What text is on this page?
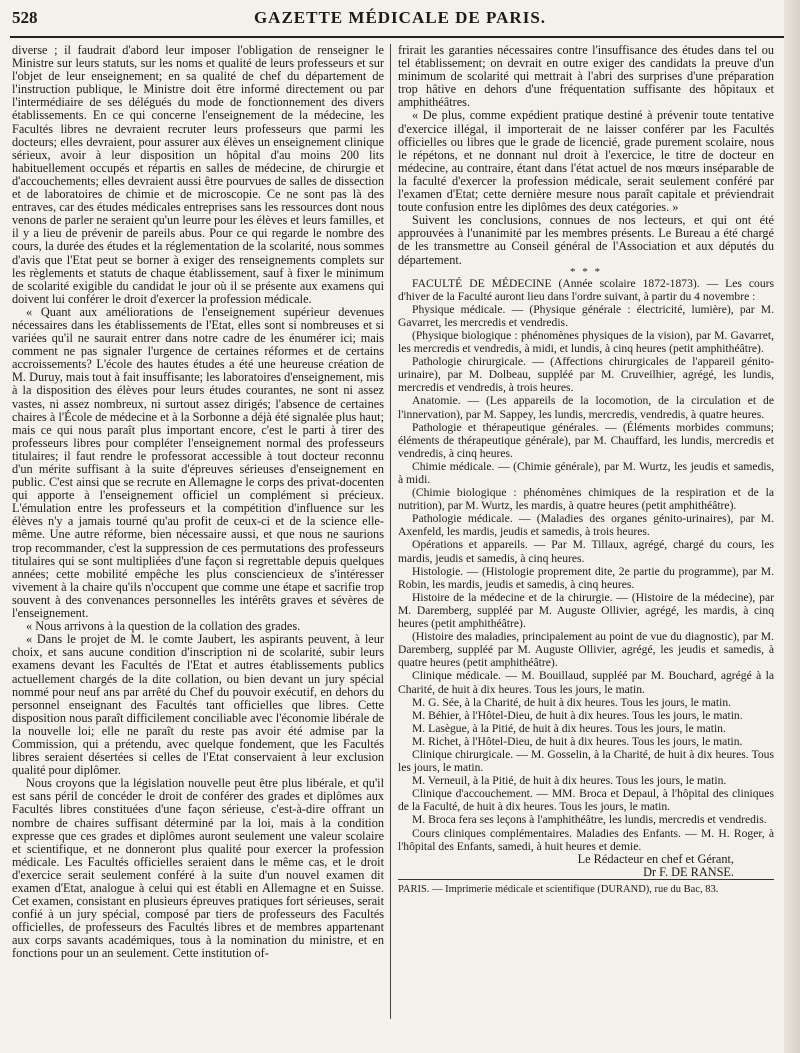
528	GAZETTE MÉDICALE DE PARIS.

diverse ; il faudrait d'abord leur imposer l'obligation de renseigner le Ministre sur leurs statuts, sur les noms et qualité de leurs professeurs et sur l'objet de leur enseignement; en sa qualité de chef du département de l'instruction publique, le Ministre doit être informé directement ou par l'intermédiaire de ses délégués du mode de fonctionnement des divers établissements. En ce qui concerne l'enseignement de la médecine, les Facultés libres ne devraient recruter leurs professeurs que parmi les docteurs; elles devraient, pour assurer aux élèves un enseignement clinique sérieux, avoir à leur disposition un hôpital d'au moins 200 lits habituellement occupés et répartis en salles de médecine, de chirurgie et d'accouchements; elles devraient aussi être pourvues de salles de dissection et de laboratoires de chimie et de microscopie. Ce ne sont pas là des entraves, car des études médicales entreprises sans les ressources dont nous venons de parler ne seraient qu'un leurre pour les élèves et leurs familles, et il y a lieu de prévenir de pareils abus. Pour ce qui regarde le nombre des cours, la durée des études et la réglementation de la scolarité, nous sommes d'avis que l'Etat peut se borner à exiger des renseignements complets sur les règlements et statuts de chaque établissement, sauf à fixer le minimum de scolarité exigible du candidat le jour où il se présente aux examens qui doivent lui conférer le droit d'exercer la profession médicale.

« Quant aux améliorations de l'enseignement supérieur devenues nécessaires dans les établissements de l'Etat, elles sont si nombreuses et si variées qu'il ne saurait entrer dans notre cadre de les énumérer ici; mais comment ne pas signaler l'urgence de certaines réformes et de certains accroissements? L'école des hautes études a été une heureuse création de M. Duruy, mais tout à fait insuffisante; les laboratoires d'enseignement, mis à la disposition des élèves pour leurs études courantes, ne sont ni assez vastes, ni assez nombreux, ni surtout assez dirigés; l'absence de certaines chaires à l'École de médecine et à la Sorbonne a déjà été signalée plus haut; mais ce qui nous paraît plus important encore, c'est le parti à tirer des professeurs libres pour compléter l'enseignement normal des professeurs titulaires; il faut rendre le professorat accessible à tout docteur reconnu d'un mérite suffisant à la suite d'épreuves sérieuses d'enseignement en public. C'est ainsi que se recrute en Allemagne le corps des privat-docenten qui apporte à l'enseignement officiel un complément si précieux. L'émulation entre les professeurs et la compétition d'influence sur les élèves n'y a jamais tourné qu'au profit de ceux-ci et de la science elle-même. Une autre réforme, bien nécessaire aussi, et que nous ne saurions trop recommander, c'est la suppression de ces permutations des professeurs titulaires qui se sont multipliées d'une façon si regrettable depuis quelques années; cette mobilité empêche les plus consciencieux de s'intéresser vivement à la chaire qu'ils n'occupent que comme une étape et sacrifie trop souvent à des convenances personnelles les intérêts graves et sévères de l'enseignement.

« Nous arrivons à la question de la collation des grades.

« Dans le projet de M. le comte Jaubert, les aspirants peuvent, à leur choix, et sans aucune condition d'inscription ni de scolarité, subir leurs examens devant les Facultés de l'Etat et autres établissements publics actuellement chargés de la dite collation, ou bien devant un jury spécial nommé pour neuf ans par arrêté du Chef du pouvoir exécutif, en dehors du personnel enseignant des Facultés tant officielles que libres. Cette disposition nous paraît difficilement conciliable avec l'économie libérale de la nouvelle loi; elle ne paraît du reste pas avoir été admise par la Commission, qui a prétendu, avec quelque fondement, que les Facultés libres seraient désertées si celles de l'Etat conservaient à leur exclusion qualité pour diplômer.

Nous croyons que la législation nouvelle peut être plus libérale, et qu'il est sans péril de concéder le droit de conférer des grades et diplômes aux Facultés libres constituées d'une façon sérieuse, c'est-à-dire offrant un nombre de chaires suffisant déterminé par la loi, mais à la condition expresse que ces grades et diplômes auront seulement une valeur scolaire et scientifique, et ne donneront plus qualité pour exercer la profession médicale. Les Facultés officielles seraient dans le même cas, et le droit d'exercice serait seulement conféré à la suite d'un nouvel examen dit examen d'Etat, analogue à celui qui est établi en Allemagne et en Suisse. Cet examen, consistant en plusieurs épreuves pratiques fort sérieuses, serait confié à un jury spécial, composé par tiers de professeurs des Facultés officielles, de professeurs des Facultés libres et de membres appartenant aux corps savants académiques, tous à la nomination du ministre, et en fonctions pour un an seulement. Cette institution of-

frirait les garanties nécessaires contre l'insuffisance des études dans tel ou tel établissement; on devrait en outre exiger des candidats la preuve d'un minimum de scolarité qui mettrait à l'abri des surprises d'une préparation trop hâtive en dehors d'une fréquentation suffisante des hôpitaux et amphithéâtres.

« De plus, comme expédient pratique destiné à prévenir toute tentative d'exercice illégal, il importerait de ne laisser conférer par les Facultés officielles ou libres que le grade de licencié, grade purement scolaire, nous le répétons, et ne donnant nul droit à l'exercice, le titre de docteur en médecine, au contraire, étant dans l'état actuel de nos mœurs inséparable de la faculté d'exercer la profession médicale, serait seulement conféré par l'examen d'Etat; cette dernière mesure nous paraît capitale et préviendrait toute confusion entre les diplômes des deux catégories. »

Suivent les conclusions, connues de nos lecteurs, et qui ont été approuvées à l'unanimité par les membres présents. Le Bureau a été chargé de les transmettre au Conseil général de l'Association et aux députés du département.

* * *

FACULTÉ DE MÉDECINE (Année scolaire 1872-1873). — Les cours d'hiver de la Faculté auront lieu dans l'ordre suivant, à partir du 4 novembre :

Physique médicale. — (Physique générale : électricité, lumière), par M. Gavarret, les mercredis et vendredis.

(Physique biologique : phénomènes physiques de la vision), par M. Gavarret, les mercredis et vendredis, à midi, et lundis, à cinq heures (petit amphithéâtre).

Pathologie chirurgicale. — (Affections chirurgicales de l'appareil génito-urinaire), par M. Dolbeau, suppléé par M. Cruveilhier, agrégé, les lundis, mercredis et vendredis, à trois heures.

Anatomie. — (Les appareils de la locomotion, de la circulation et de l'innervation), par M. Sappey, les lundis, mercredis, vendredis, à quatre heures.

Pathologie et thérapeutique générales. — (Éléments morbides communs; éléments de thérapeutique générale), par M. Chauffard, les lundis, mercredis et vendredis, à cinq heures.

Chimie médicale. — (Chimie générale), par M. Wurtz, les jeudis et samedis, à midi.

(Chimie biologique : phénomènes chimiques de la respiration et de la nutrition), par M. Wurtz, les mardis, à quatre heures (petit amphithéâtre).

Pathologie médicale. — (Maladies des organes génito-urinaires), par M. Axenfeld, les mardis, jeudis et samedis, à trois heures.

Opérations et appareils. — Par M. Tillaux, agrégé, chargé du cours, les mardis, jeudis et samedis, à cinq heures.

Histologie. — (Histologie proprement dite, 2e partie du programme), par M. Robin, les mardis, jeudis et samedis, à cinq heures.

Histoire de la médecine et de la chirurgie. — (Histoire de la médecine), par M. Daremberg, suppléé par M. Auguste Ollivier, agrégé, les mardis, à cinq heures (petit amphithéâtre).

(Histoire des maladies, principalement au point de vue du diagnostic), par M. Daremberg, suppléé par M. Auguste Ollivier, agrégé, les jeudis et samedis, à quatre heures (petit amphithéâtre).

Clinique médicale. — M. Bouillaud, suppléé par M. Bouchard, agrégé à la Charité, de huit à dix heures. Tous les jours, le matin.

M. G. Sée, à la Charité, de huit à dix heures. Tous les jours, le matin.

M. Béhier, à l'Hôtel-Dieu, de huit à dix heures. Tous les jours, le matin.

M. Lasègue, à la Pitié, de huit à dix heures. Tous les jours, le matin.

M. Richet, à l'Hôtel-Dieu, de huit à dix heures. Tous les jours, le matin.

Clinique chirurgicale. — M. Gosselin, à la Charité, de huit à dix heures. Tous les jours, le matin.

M. Verneuil, à la Pitié, de huit à dix heures. Tous les jours, le matin.

Clinique d'accouchement. — MM. Broca et Depaul, à l'hôpital des cliniques de la Faculté, de huit à dix heures. Tous les jours, le matin.

M. Broca fera ses leçons à l'amphithéâtre, les lundis, mercredis et vendredis.

Cours cliniques complémentaires. Maladies des Enfants. — M. H. Roger, à l'hôpital des Enfants, samedi, à huit heures et demie.

Le Rédacteur en chef et Gérant,

Dr F. DE RANSE.

PARIS. — Imprimerie médicale et scientifique (DURAND), rue du Bac, 83.
